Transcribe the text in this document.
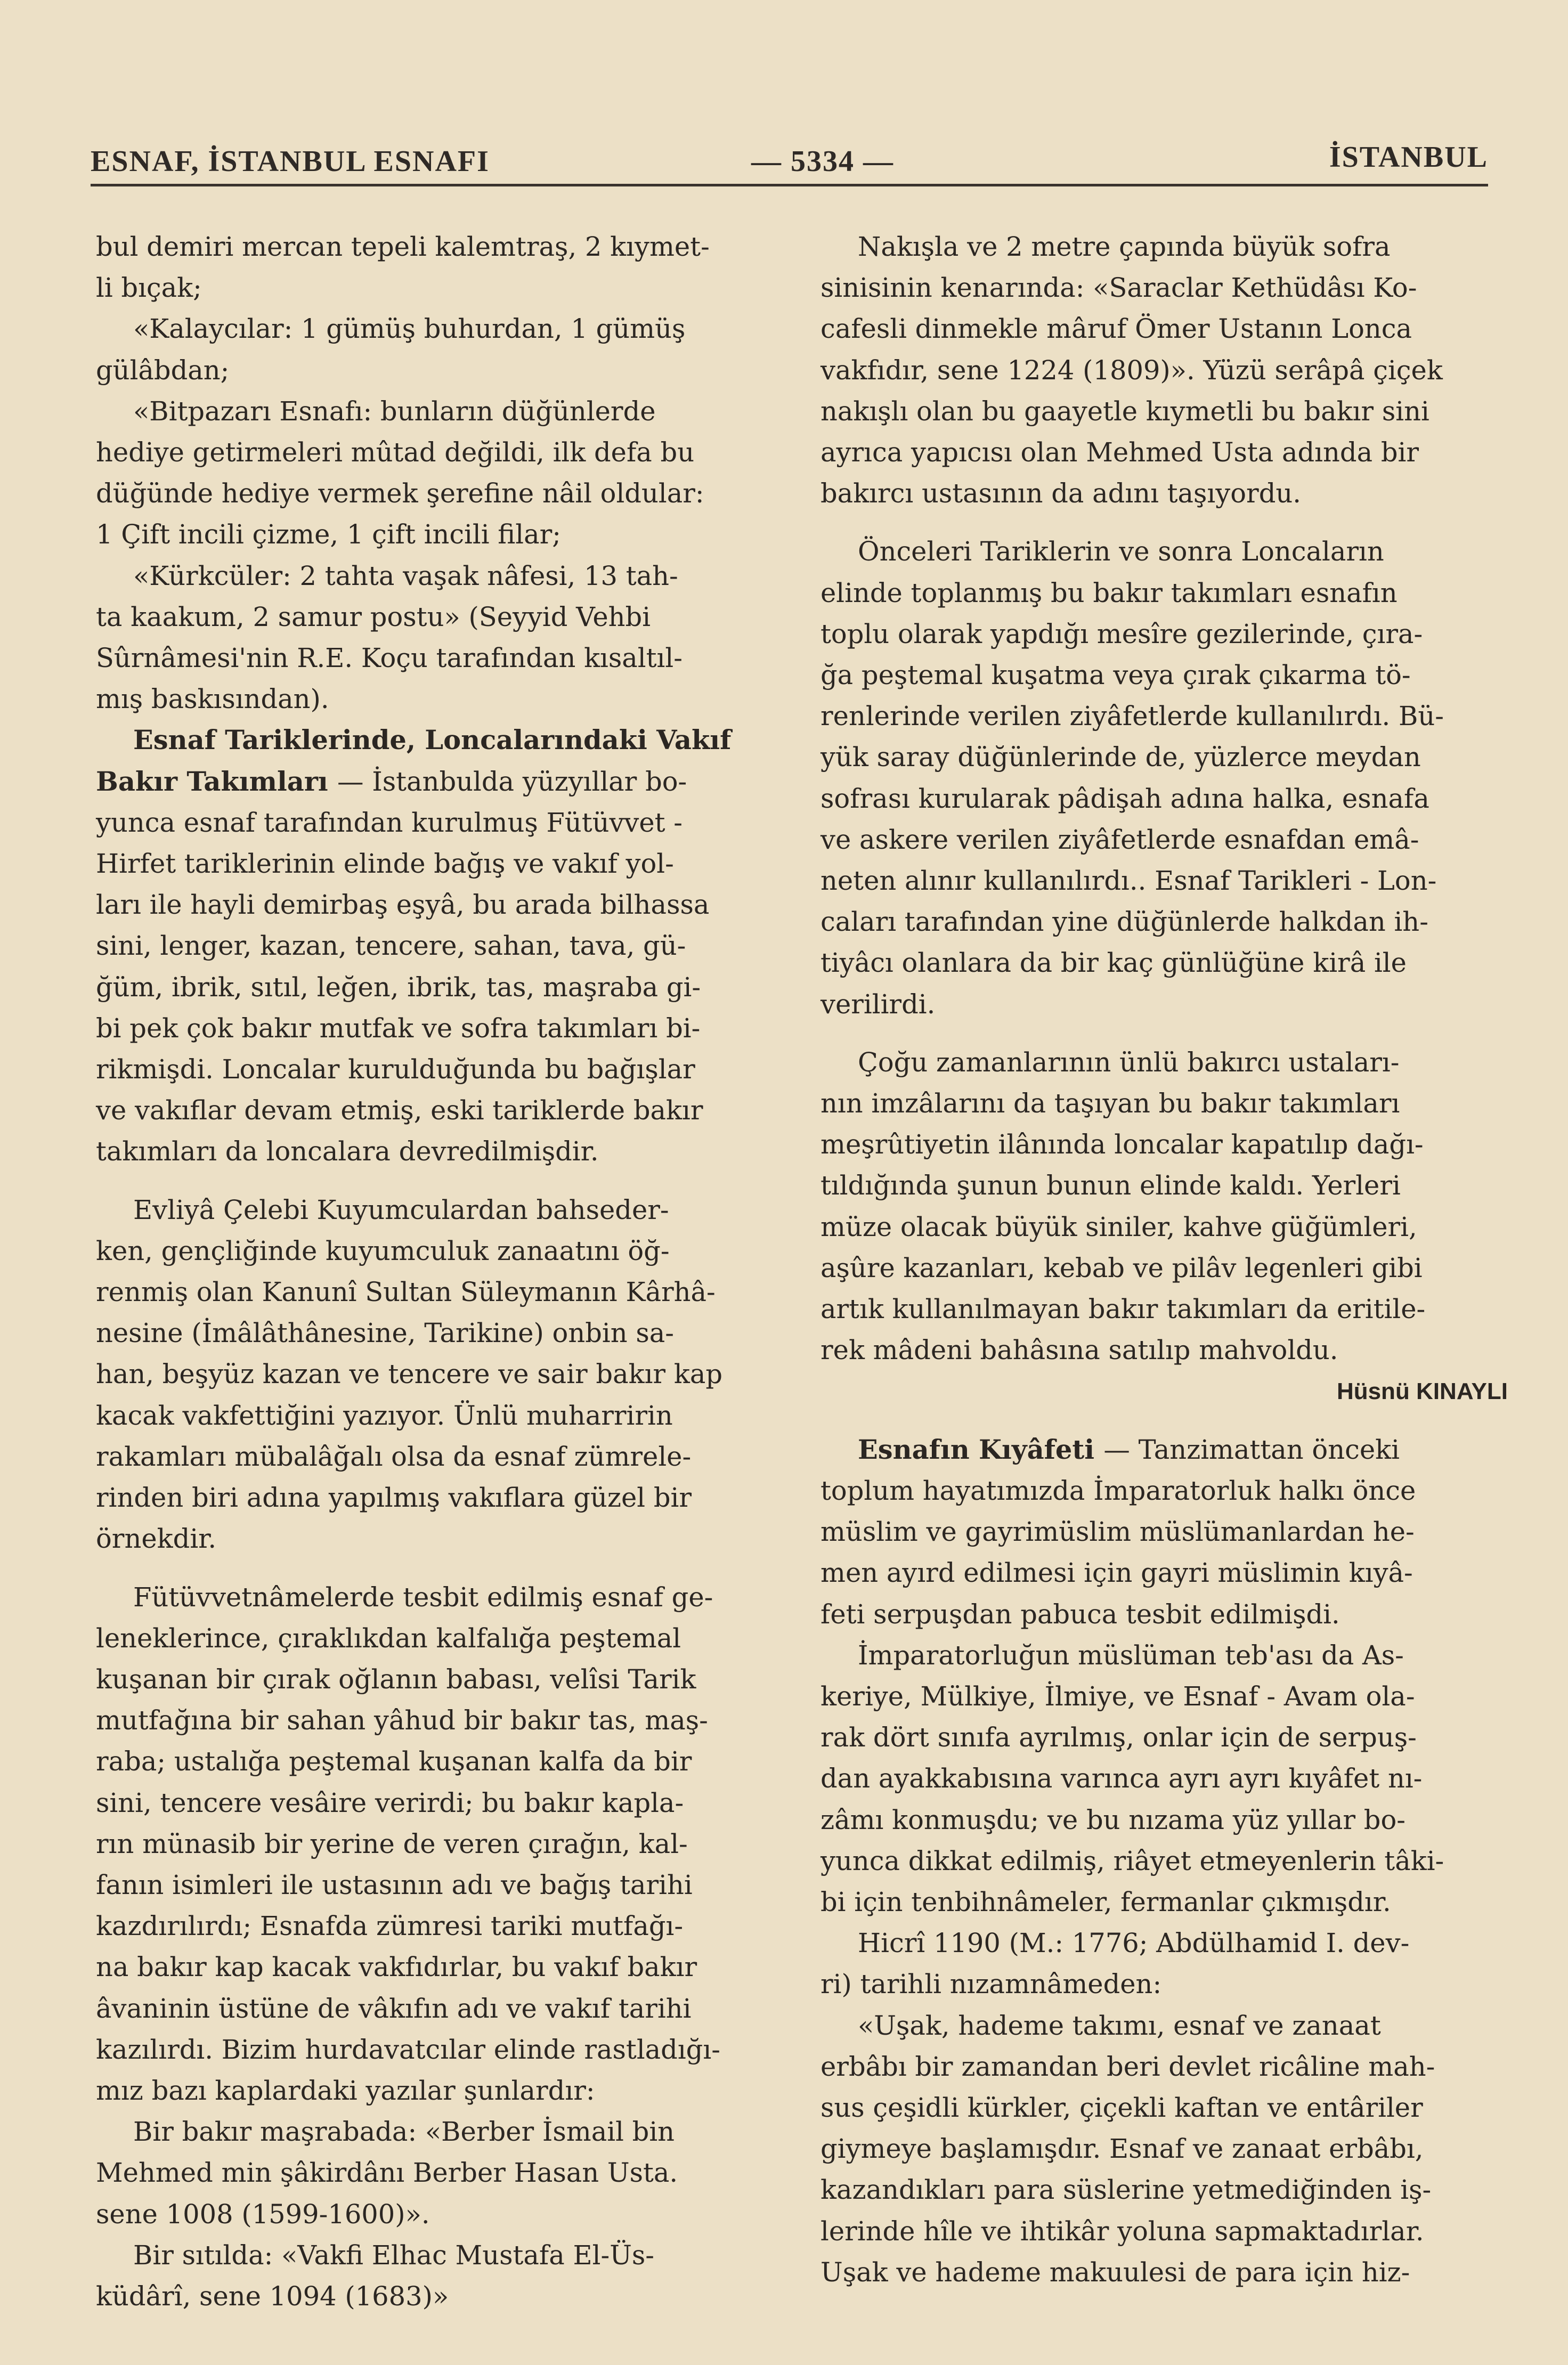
ESNAF, İSTANBUL ESNAFI	— 5334 —	İSTANBUL
bul demiri mercan tepeli kalemtraş, 2 kıymet-
li bıçak;
«Kalaycılar: 1 gümüş buhurdan, 1 gümüş
gülâbdan;
«Bitpazarı Esnafı: bunların düğünlerde
hediye getirmeleri mûtad değildi, ilk defa bu
düğünde hediye vermek şerefine nâil oldular:
1 Çift incili çizme, 1 çift incili filar;
«Kürkcüler: 2 tahta vaşak nâfesi, 13 tah-
ta kaakum, 2 samur postu» (Seyyid Vehbi
Sûrnâmesi'nin R.E. Koçu tarafından kısaltıl-
mış baskısından).
Esnaf Tariklerinde, Loncalarındaki Vakıf
Bakır Takımları — İstanbulda yüzyıllar bo-
yunca esnaf tarafından kurulmuş Fütüvvet -
Hirfet tariklerinin elinde bağış ve vakıf yol-
ları ile hayli demirbaş eşyâ, bu arada bilhassa
sini, lenger, kazan, tencere, sahan, tava, gü-
ğüm, ibrik, sıtıl, leğen, ibrik, tas, maşraba gi-
bi pek çok bakır mutfak ve sofra takımları bi-
rikmişdi. Loncalar kurulduğunda bu bağışlar
ve vakıflar devam etmiş, eski tariklerde bakır
takımları da loncalara devredilmişdir.
Evliyâ Çelebi Kuyumculardan bahseder-
ken, gençliğinde kuyumculuk zanaatını öğ-
renmiş olan Kanunî Sultan Süleymanın Kârhâ-
nesine (İmâlâthânesine, Tarikine) onbin sa-
han, beşyüz kazan ve tencere ve sair bakır kap
kacak vakfettiğini yazıyor. Ünlü muharririn
rakamları mübalâğalı olsa da esnaf zümrele-
rinden biri adına yapılmış vakıflara güzel bir
örnekdir.
Fütüvvetnâmelerde tesbit edilmiş esnaf ge-
leneklerince, çıraklıkdan kalfalığa peştemal
kuşanan bir çırak oğlanın babası, velîsi Tarik
mutfağına bir sahan yâhud bir bakır tas, maş-
raba; ustalığa peştemal kuşanan kalfa da bir
sini, tencere vesâire verirdi; bu bakır kapla-
rın münasib bir yerine de veren çırağın, kal-
fanın isimleri ile ustasının adı ve bağış tarihi
kazdırılırdı; Esnafda zümresi tariki mutfağı-
na bakır kap kacak vakfıdırlar, bu vakıf bakır
âvaninin üstüne de vâkıfın adı ve vakıf tarihi
kazılırdı. Bizim hurdavatcılar elinde rastladığı-
mız bazı kaplardaki yazılar şunlardır:
Bir bakır maşrabada: «Berber İsmail bin
Mehmed min şâkirdânı Berber Hasan Usta.
sene 1008 (1599-1600)».
Bir sıtılda: «Vakfi Elhac Mustafa El-Üs-
küdârî, sene 1094 (1683)»
Nakışla ve 2 metre çapında büyük sofra
sinisinin kenarında: «Saraclar Kethüdâsı Ko-
cafesli dinmekle mâruf Ömer Ustanın Lonca
vakfıdır, sene 1224 (1809)». Yüzü serâpâ çiçek
nakışlı olan bu gaayetle kıymetli bu bakır sini
ayrıca yapıcısı olan Mehmed Usta adında bir
bakırcı ustasının da adını taşıyordu.
Önceleri Tariklerin ve sonra Loncaların
elinde toplanmış bu bakır takımları esnafın
toplu olarak yapdığı mesîre gezilerinde, çıra-
ğa peştemal kuşatma veya çırak çıkarma tö-
renlerinde verilen ziyâfetlerde kullanılırdı. Bü-
yük saray düğünlerinde de, yüzlerce meydan
sofrası kurularak pâdişah adına halka, esnafa
ve askere verilen ziyâfetlerde esnafdan emâ-
neten alınır kullanılırdı.. Esnaf Tarikleri - Lon-
caları tarafından yine düğünlerde halkdan ih-
tiyâcı olanlara da bir kaç günlüğüne kirâ ile
verilirdi.
Çoğu zamanlarının ünlü bakırcı ustaları-
nın imzâlarını da taşıyan bu bakır takımları
meşrûtiyetin ilânında loncalar kapatılıp dağı-
tıldığında şunun bunun elinde kaldı. Yerleri
müze olacak büyük siniler, kahve güğümleri,
aşûre kazanları, kebab ve pilâv legenleri gibi
artık kullanılmayan bakır takımları da eritile-
rek mâdeni bahâsına satılıp mahvoldu.
Hüsnü KINAYLI
Esnafın Kıyâfeti — Tanzimattan önceki
toplum hayatımızda İmparatorluk halkı önce
müslim ve gayrimüslim müslümanlardan he-
men ayırd edilmesi için gayri müslimin kıyâ-
feti serpuşdan pabuca tesbit edilmişdi.
İmparatorluğun müslüman teb'ası da As-
keriye, Mülkiye, İlmiye, ve Esnaf - Avam ola-
rak dört sınıfa ayrılmış, onlar için de serpuş-
dan ayakkabısına varınca ayrı ayrı kıyâfet nı-
zâmı konmuşdu; ve bu nızama yüz yıllar bo-
yunca dikkat edilmiş, riâyet etmeyenlerin tâki-
bi için tenbihnâmeler, fermanlar çıkmışdır.
Hicrî 1190 (M.: 1776; Abdülhamid I. dev-
ri) tarihli nızamnâmeden:
«Uşak, hademe takımı, esnaf ve zanaat
erbâbı bir zamandan beri devlet ricâline mah-
sus çeşidli kürkler, çiçekli kaftan ve entâriler
giymeye başlamışdır. Esnaf ve zanaat erbâbı,
kazandıkları para süslerine yetmediğinden iş-
lerinde hîle ve ihtikâr yoluna sapmaktadırlar.
Uşak ve hademe makuulesi de para için hiz-
